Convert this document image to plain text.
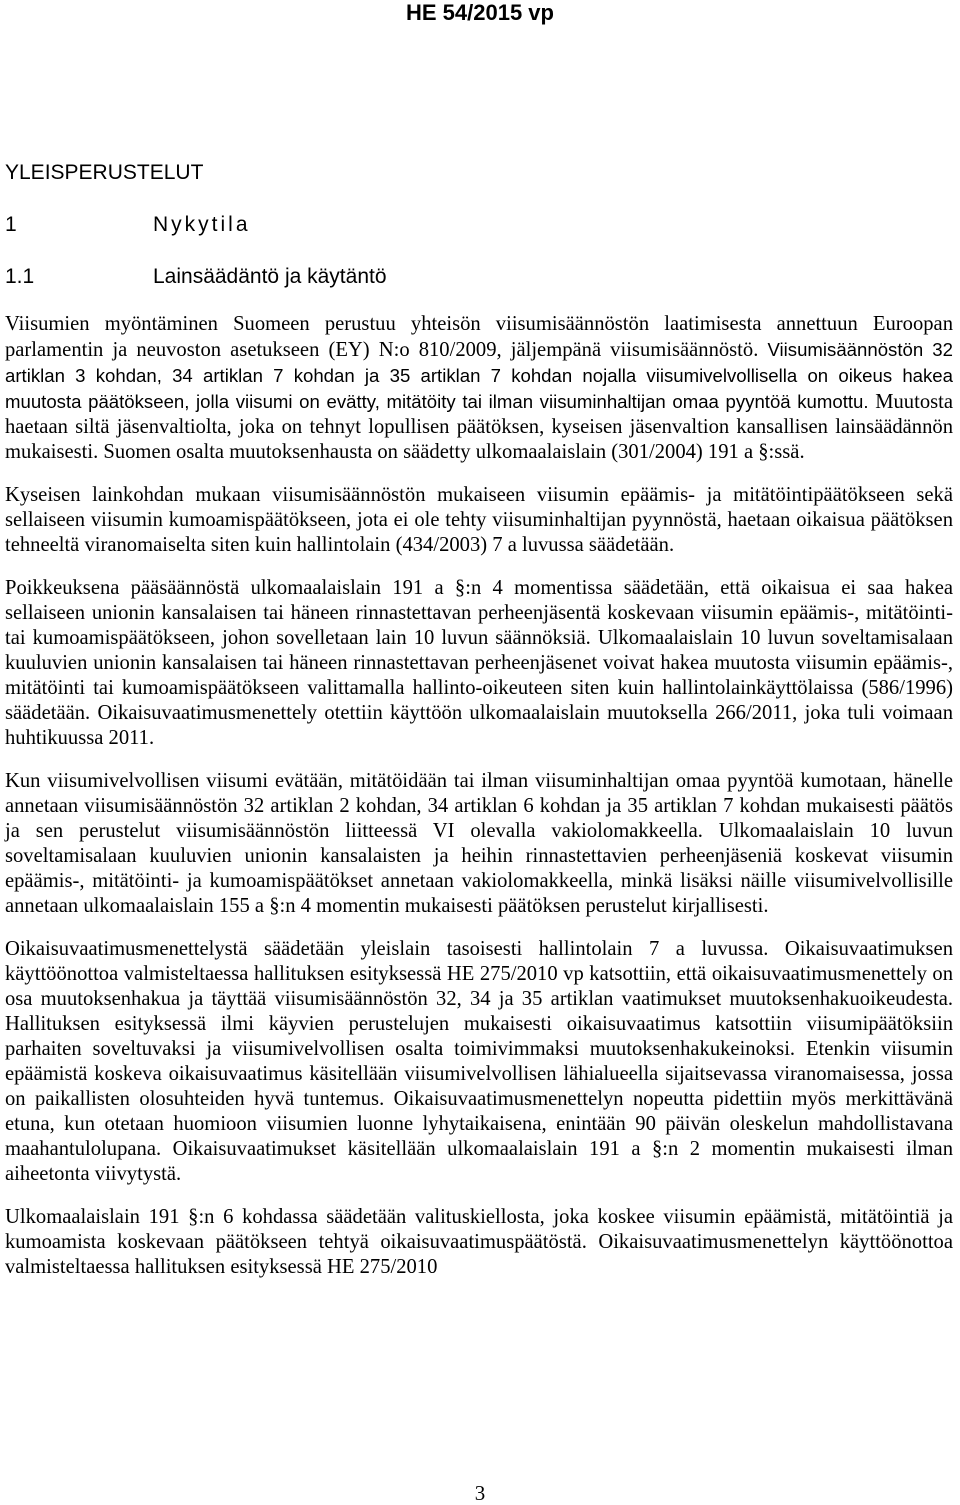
HE 54/2015 vp
YLEISPERUSTELUT
1	Nykytila
1.1	Lainsäädäntö ja käytäntö

Viisumien myöntäminen Suomeen perustuu yhteisön viisumisäännöstön laatimisesta annettuun Euroopan parlamentin ja neuvoston asetukseen (EY) N:o 810/2009, jäljempänä viisumisäännöstö. Viisumisäännöstön 32 artiklan 3 kohdan, 34 artiklan 7 kohdan ja 35 artiklan 7 kohdan nojalla viisumivelvollisella on oikeus hakea muutosta päätökseen, jolla viisumi on evätty, mitätöity tai ilman viisuminhaltijan omaa pyyntöä kumottu. Muutosta haetaan siltä jäsenvaltiolta, joka on tehnyt lopullisen päätöksen, kyseisen jäsenvaltion kansallisen lainsäädännön mukaisesti. Suomen osalta muutoksenhausta on säädetty ulkomaalaislain (301/2004) 191 a §:ssä.

Kyseisen lainkohdan mukaan viisumisäännöstön mukaiseen viisumin epäämis- ja mitätöintipäätökseen sekä sellaiseen viisumin kumoamispäätökseen, jota ei ole tehty viisuminhaltijan pyynnöstä, haetaan oikaisua päätöksen tehneeltä viranomaiselta siten kuin hallintolain (434/2003) 7 a luvussa säädetään.

Poikkeuksena pääsäännöstä ulkomaalaislain 191 a §:n 4 momentissa säädetään, että oikaisua ei saa hakea sellaiseen unionin kansalaisen tai häneen rinnastettavan perheenjäsentä koskevaan viisumin epäämis-, mitätöinti- tai kumoamispäätökseen, johon sovelletaan lain 10 luvun säännöksiä. Ulkomaalaislain 10 luvun soveltamisalaan kuuluvien unionin kansalaisen tai häneen rinnastettavan perheenjäsenet voivat hakea muutosta viisumin epäämis-, mitätöinti tai kumoamispäätökseen valittamalla hallinto-oikeuteen siten kuin hallintolainkäyttölaissa (586/1996) säädetään. Oikaisuvaatimusmenettely otettiin käyttöön ulkomaalaislain muutoksella 266/2011, joka tuli voimaan huhtikuussa 2011.

Kun viisumivelvollisen viisumi evätään, mitätöidään tai ilman viisuminhaltijan omaa pyyntöä kumotaan, hänelle annetaan viisumisäännöstön 32 artiklan 2 kohdan, 34 artiklan 6 kohdan ja 35 artiklan 7 kohdan mukaisesti päätös ja sen perustelut viisumisäännöstön liitteessä VI olevalla vakiolomakkeella. Ulkomaalaislain 10 luvun soveltamisalaan kuuluvien unionin kansalaisten ja heihin rinnastettavien perheenjäseniä koskevat viisumin epäämis-, mitätöinti- ja kumoamispäätökset annetaan vakiolomakkeella, minkä lisäksi näille viisumivelvollisille annetaan ulkomaalaislain 155 a §:n 4 momentin mukaisesti päätöksen perustelut kirjallisesti.

Oikaisuvaatimusmenettelystä säädetään yleislain tasoisesti hallintolain 7 a luvussa. Oikaisuvaatimuksen käyttöönottoa valmisteltaessa hallituksen esityksessä HE 275/2010 vp katsottiin, että oikaisuvaatimusmenettely on osa muutoksenhakua ja täyttää viisumisäännöstön 32, 34 ja 35 artiklan vaatimukset muutoksenhakuoikeudesta. Hallituksen esityksessä ilmi käyvien perustelujen mukaisesti oikaisuvaatimus katsottiin viisumipäätöksiin parhaiten soveltuvaksi ja viisumivelvollisen osalta toimivimmaksi muutoksenhakukeinoksi. Etenkin viisumin epäämistä koskeva oikaisuvaatimus käsitellään viisumivelvollisen lähialueella sijaitsevassa viranomaisessa, jossa on paikallisten olosuhteiden hyvä tuntemus. Oikaisuvaatimusmenettelyn nopeutta pidettiin myös merkittävänä etuna, kun otetaan huomioon viisumien luonne lyhytaikaisena, enintään 90 päivän oleskelun mahdollistavana maahantulolupana. Oikaisuvaatimukset käsitellään ulkomaalaislain 191 a §:n 2 momentin mukaisesti ilman aiheetonta viivytystä.

Ulkomaalaislain 191 §:n 6 kohdassa säädetään valituskiellosta, joka koskee viisumin epäämistä, mitätöintiä ja kumoamista koskevaan päätökseen tehtyä oikaisuvaatimuspäätöstä. Oikaisuvaatimusmenettelyn käyttöönottoa valmisteltaessa hallituksen esityksessä HE 275/2010

3
